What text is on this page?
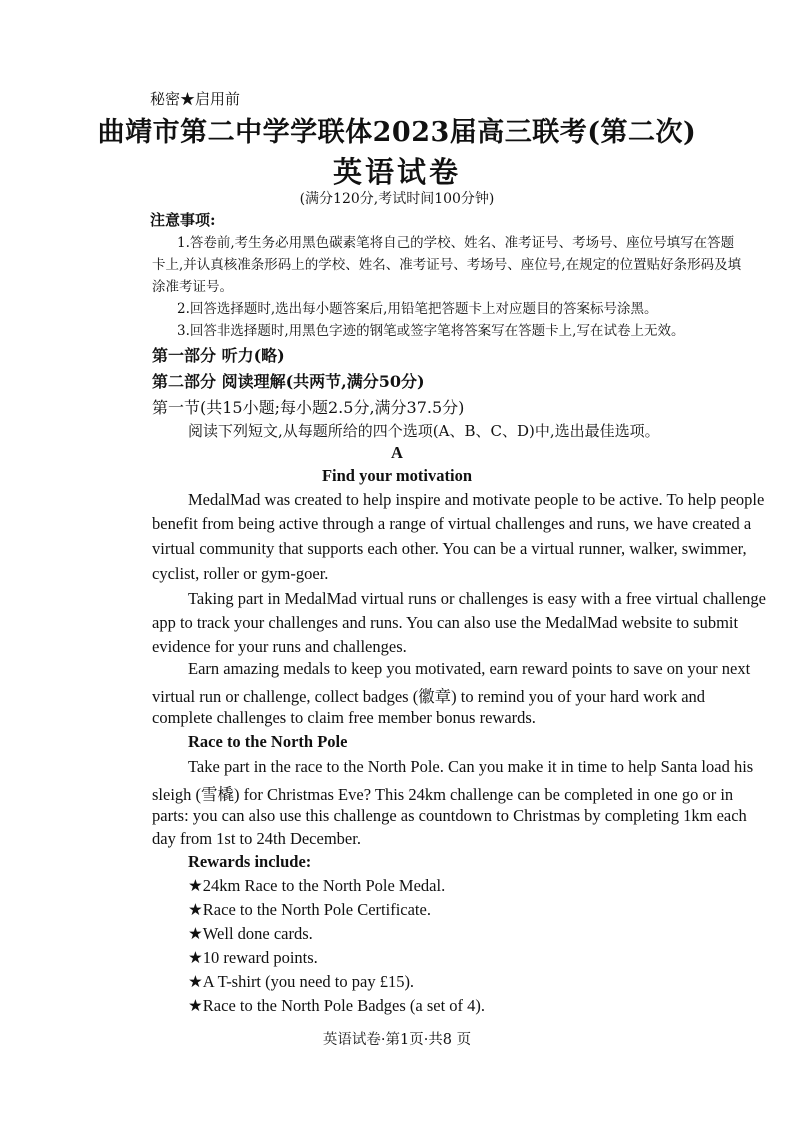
秘密★启用前
曲靖市第二中学学联体2023届高三联考(第二次)
英语试卷
(满分120分,考试时间100分钟)
注意事项:
1.答卷前,考生务必用黑色碳素笔将自己的学校、姓名、准考证号、考场号、座位号填写在答题
卡上,并认真核准条形码上的学校、姓名、准考证号、考场号、座位号,在规定的位置贴好条形码及填
涂准考证号。
2.回答选择题时,选出每小题答案后,用铅笔把答题卡上对应题目的答案标号涂黑。
3.回答非选择题时,用黑色字迹的钢笔或签字笔将答案写在答题卡上,写在试卷上无效。
第一部分 听力(略)
第二部分 阅读理解(共两节,满分50分)
第一节(共15小题;每小题2.5分,满分37.5分)
阅读下列短文,从每题所给的四个选项(A、B、C、D)中,选出最佳选项。
A
Find your motivation
MedalMad was created to help inspire and motivate people to be active. To help people
benefit from being active through a range of virtual challenges and runs, we have created a
virtual community that supports each other. You can be a virtual runner, walker, swimmer,
cyclist, roller or gym-goer.
Taking part in MedalMad virtual runs or challenges is easy with a free virtual challenge
app to track your challenges and runs. You can also use the MedalMad website to submit
evidence for your runs and challenges.
Earn amazing medals to keep you motivated, earn reward points to save on your next
virtual run or challenge, collect badges (徽章) to remind you of your hard work and
complete challenges to claim free member bonus rewards.
Race to the North Pole
Take part in the race to the North Pole. Can you make it in time to help Santa load his
sleigh (雪橇) for Christmas Eve? This 24km challenge can be completed in one go or in
parts: you can also use this challenge as countdown to Christmas by completing 1km each
day from 1st to 24th December.
Rewards include:
★24km Race to the North Pole Medal.
★Race to the North Pole Certificate.
★Well done cards.
★10 reward points.
★A T-shirt (you need to pay £15).
★Race to the North Pole Badges (a set of 4).
英语试卷·第1页·共8 页
